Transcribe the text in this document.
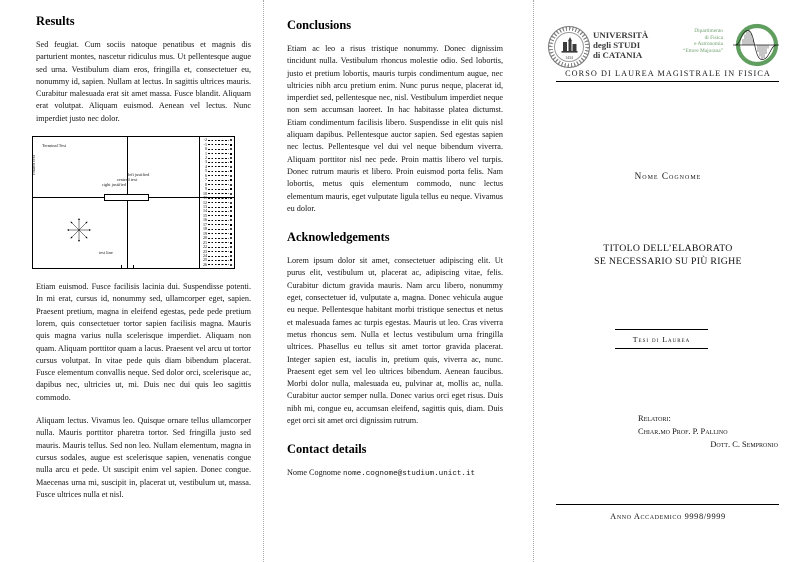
Results

Sed feugiat. Cum sociis natoque penatibus et magnis dis parturient montes, nascetur ridiculus mus. Ut pellentesque augue sed urna. Vestibulum diam eros, fringilla et, consectetuer eu, nonummy id, sapien. Nullam at lectus. In sagittis ultrices mauris. Curabitur malesuada erat sit amet massa. Fusce blandit. Aliquam erat volutpat. Aliquam euismod. Aenean vel lectus. Nunc imperdiet justo nec dolor.

-2
-1
0
1
2
3
4
5
6
7
8
9
10
11
12
13
14
15
16
17
18
19
20
21
22
23
24
25
26
Terminal Test
rotated text	left justified
centred text
right justified
test line

Etiam euismod. Fusce facilisis lacinia dui. Suspendisse potenti. In mi erat, cursus id, nonummy sed, ullamcorper eget, sapien. Praesent pretium, magna in eleifend egestas, pede pede pretium lorem, quis consectetuer tortor sapien facilisis magna. Mauris quis magna varius nulla scelerisque imperdiet. Aliquam non quam. Aliquam porttitor quam a lacus. Praesent vel arcu ut tortor cursus volutpat. In vitae pede quis diam bibendum placerat. Fusce elementum convallis neque. Sed dolor orci, scelerisque ac, dapibus nec, ultricies ut, mi. Duis nec dui quis leo sagittis commodo.

Aliquam lectus. Vivamus leo. Quisque ornare tellus ullamcorper nulla. Mauris porttitor pharetra tortor. Sed fringilla justo sed mauris. Mauris tellus. Sed non leo. Nullam elementum, magna in cursus sodales, augue est scelerisque sapien, venenatis congue nulla arcu et pede. Ut suscipit enim vel sapien. Donec congue. Maecenas urna mi, suscipit in, placerat ut, vestibulum ut, massa. Fusce ultrices nulla et nisl.

Conclusions

Etiam ac leo a risus tristique nonummy. Donec dignissim tincidunt nulla. Vestibulum rhoncus molestie odio. Sed lobortis, justo et pretium lobortis, mauris turpis condimentum augue, nec ultricies nibh arcu pretium enim. Nunc purus neque, placerat id, imperdiet sed, pellentesque nec, nisl. Vestibulum imperdiet neque non sem accumsan laoreet. In hac habitasse platea dictumst. Etiam condimentum facilisis libero. Suspendisse in elit quis nisl aliquam dapibus. Pellentesque auctor sapien. Sed egestas sapien nec lectus. Pellentesque vel dui vel neque bibendum viverra. Aliquam porttitor nisl nec pede. Proin mattis libero vel turpis. Donec rutrum mauris et libero. Proin euismod porta felis. Nam lobortis, metus quis elementum commodo, nunc lectus elementum mauris, eget vulputate ligula tellus eu neque. Vivamus eu dolor.

Acknowledgements

Lorem ipsum dolor sit amet, consectetuer adipiscing elit. Ut purus elit, vestibulum ut, placerat ac, adipiscing vitae, felis. Curabitur dictum gravida mauris. Nam arcu libero, nonummy eget, consectetuer id, vulputate a, magna. Donec vehicula augue eu neque. Pellentesque habitant morbi tristique senectus et netus et malesuada fames ac turpis egestas. Mauris ut leo. Cras viverra metus rhoncus sem. Nulla et lectus vestibulum urna fringilla ultrices. Phasellus eu tellus sit amet tortor gravida placerat. Integer sapien est, iaculis in, pretium quis, viverra ac, nunc. Praesent eget sem vel leo ultrices bibendum. Aenean faucibus. Morbi dolor nulla, malesuada eu, pulvinar at, mollis ac, nulla. Curabitur auctor semper nulla. Donec varius orci eget risus. Duis nibh mi, congue eu, accumsan eleifend, sagittis quis, diam. Duis eget orci sit amet orci dignissim rutrum.

Contact details

Nome Cognome nome.cognome@studium.unict.it

1434
UNIVERSITÀ
degli STUDI
di CATANIA
Dipartimento
di Fisica
e Astronomia
“Ettore Majorana”
CORSO DI LAUREA MAGISTRALE IN FISICA
Nome Cognome
TITOLO DELL’ELABORATO
SE NECESSARIO SU PIÙ RIGHE
Tesi di Laurea
Relatori:
Chiar.mo Prof. P. Pallino
Dott. C. Sempronio
Anno Accademico 9998/9999
